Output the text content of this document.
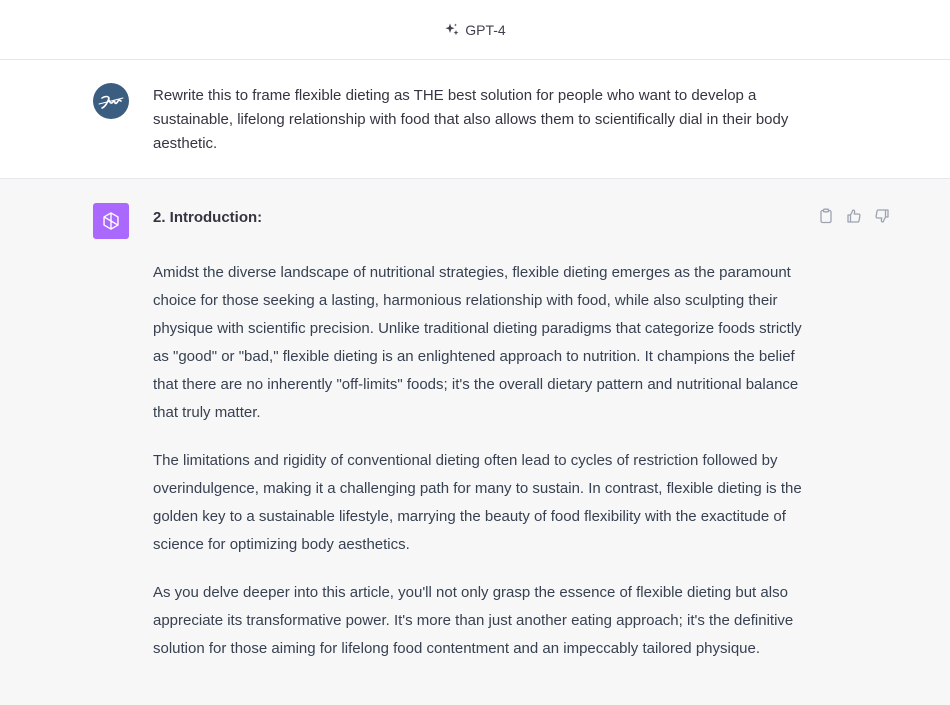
GPT-4

Rewrite this to frame flexible dieting as THE best solution for people who want to develop a sustainable, lifelong relationship with food that also allows them to scientifically dial in their body aesthetic.

2. Introduction:

Amidst the diverse landscape of nutritional strategies, flexible dieting emerges as the paramount choice for those seeking a lasting, harmonious relationship with food, while also sculpting their physique with scientific precision. Unlike traditional dieting paradigms that categorize foods strictly as "good" or "bad," flexible dieting is an enlightened approach to nutrition. It champions the belief that there are no inherently "off-limits" foods; it's the overall dietary pattern and nutritional balance that truly matter.

The limitations and rigidity of conventional dieting often lead to cycles of restriction followed by overindulgence, making it a challenging path for many to sustain. In contrast, flexible dieting is the golden key to a sustainable lifestyle, marrying the beauty of food flexibility with the exactitude of science for optimizing body aesthetics.

As you delve deeper into this article, you'll not only grasp the essence of flexible dieting but also appreciate its transformative power. It's more than just another eating approach; it's the definitive solution for those aiming for lifelong food contentment and an impeccably tailored physique.
